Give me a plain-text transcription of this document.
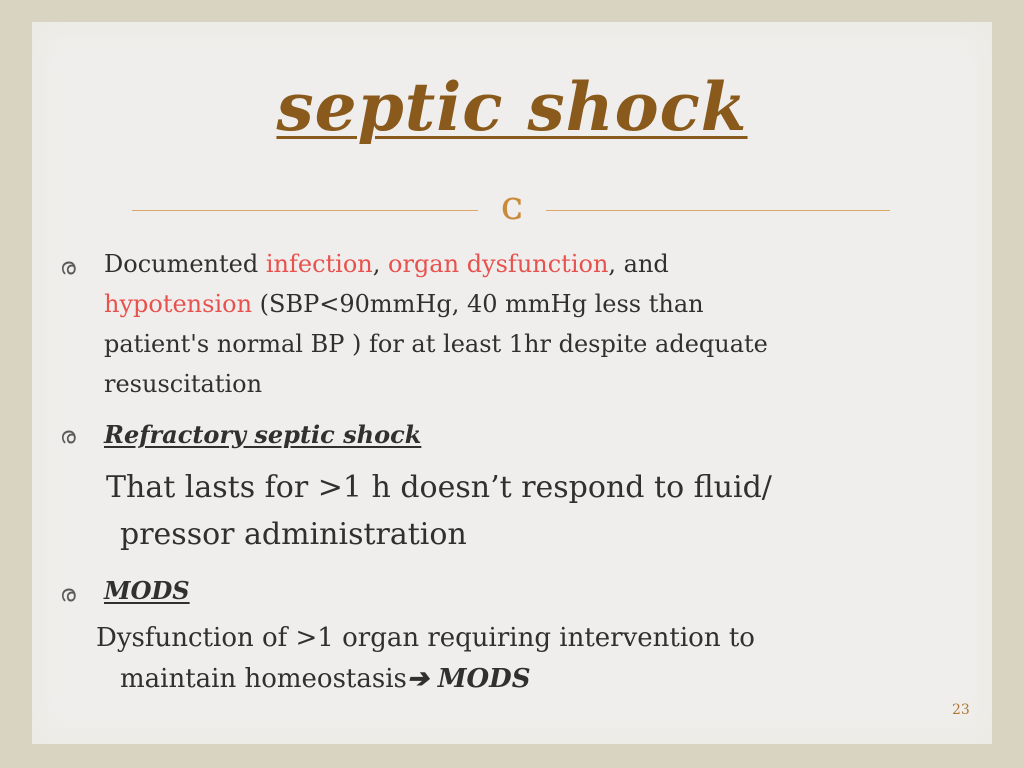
septic shock
ᴄ︎
ര Documented infection, organ dysfunction, and
hypotension (SBP<90mmHg, 40 mmHg less than
patient's normal BP ) for at least 1hr despite adequate
resuscitation
ര Refractory septic shock
That lasts for >1 h doesn’t respond to fluid/
pressor administration
ര MODS
Dysfunction of >1 organ requiring intervention to
maintain homeostasis➔ MODS
23
